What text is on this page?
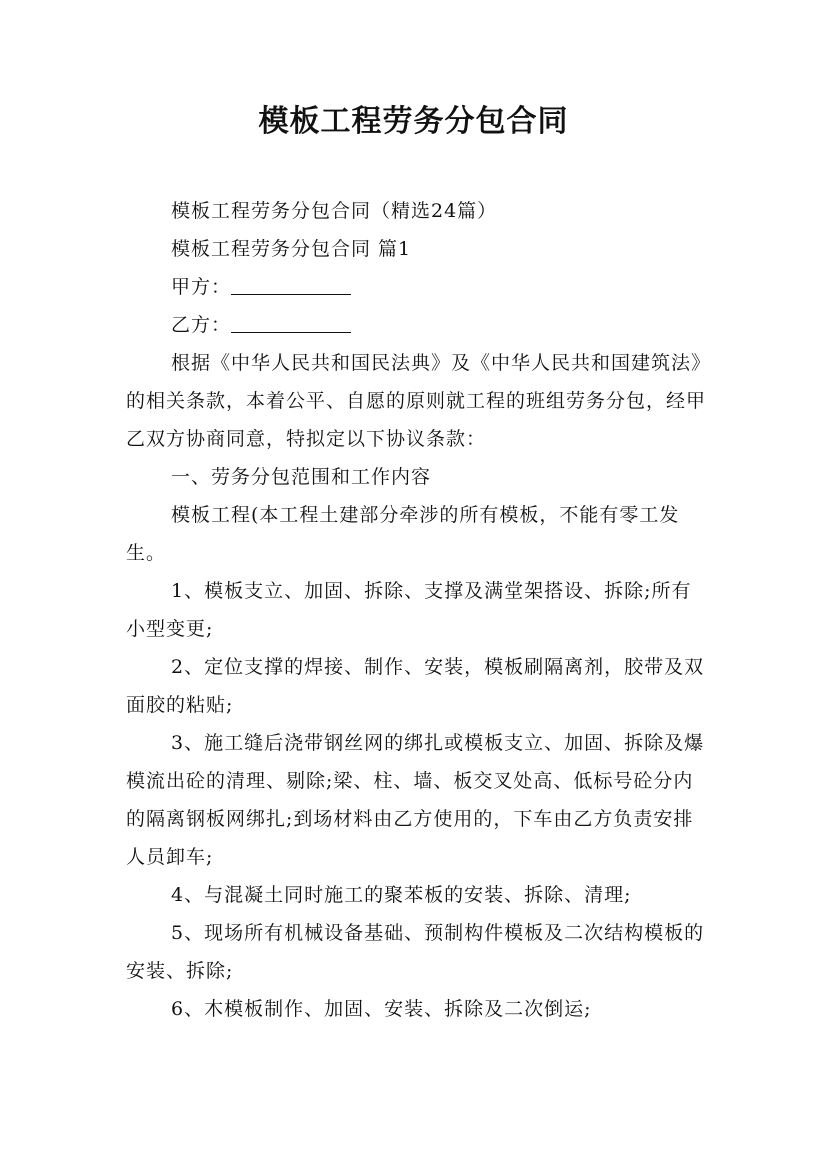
模板工程劳务分包合同

模板工程劳务分包合同（精选24篇）

模板工程劳务分包合同 篇1

甲方：

乙方：

根据《中华人民共和国民法典》及《中华人民共和国建筑法》的相关条款，本着公平、自愿的原则就工程的班组劳务分包，经甲乙双方协商同意，特拟定以下协议条款：

一、劳务分包范围和工作内容

模板工程(本工程土建部分牵涉的所有模板，不能有零工发生。

1、模板支立、加固、拆除、支撑及满堂架搭设、拆除;所有小型变更;

2、定位支撑的焊接、制作、安装，模板刷隔离剂，胶带及双面胶的粘贴;

3、施工缝后浇带钢丝网的绑扎或模板支立、加固、拆除及爆模流出砼的清理、剔除;梁、柱、墙、板交叉处高、低标号砼分内的隔离钢板网绑扎;到场材料由乙方使用的，下车由乙方负责安排人员卸车;

4、与混凝土同时施工的聚苯板的安装、拆除、清理;

5、现场所有机械设备基础、预制构件模板及二次结构模板的安装、拆除;

6、木模板制作、加固、安装、拆除及二次倒运;
